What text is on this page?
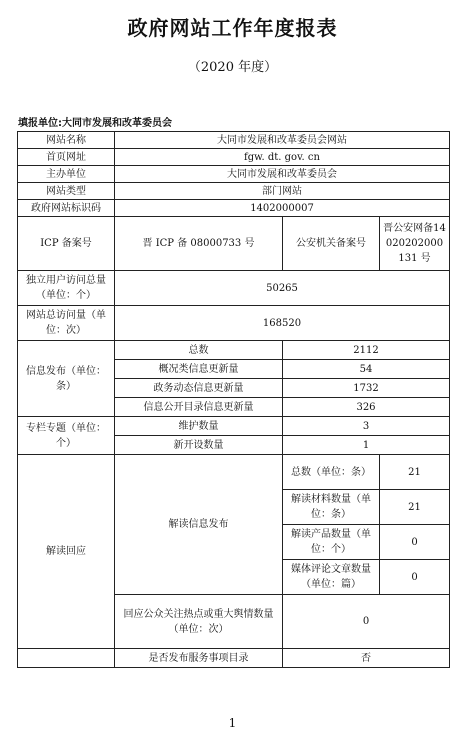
政府网站工作年度报表
（2020 年度）
填报单位:大同市发展和改革委员会
网站名称	大同市发展和改革委员会网站		
首页网址	fgw. dt. gov. cn		
主办单位	大同市发展和改革委员会		
网站类型	部门网站		
政府网站标识码	1402000007		
ICP 备案号	晋 ICP 备 08000733 号	公安机关备案号	晋公安网备14020202000131 号
独立用户访问总量（单位：个）	50265		
网站总访问量（单位：次）	168520		
信息发布（单位：条）	总数	2112	
	概况类信息更新量	54	
	政务动态信息更新量	1732	
	信息公开目录信息更新量	326	
专栏专题（单位：个）	维护数量	3	
	新开设数量	1	
解读回应	解读信息发布	总数（单位：条）	21
		解读材料数量（单位：条）	21
		解读产品数量（单位：个）	0
		媒体评论文章数量（单位：篇）	0
	回应公众关注热点或重大舆情数量（单位：次）	0	
	是否发布服务事项目录	否	
1
